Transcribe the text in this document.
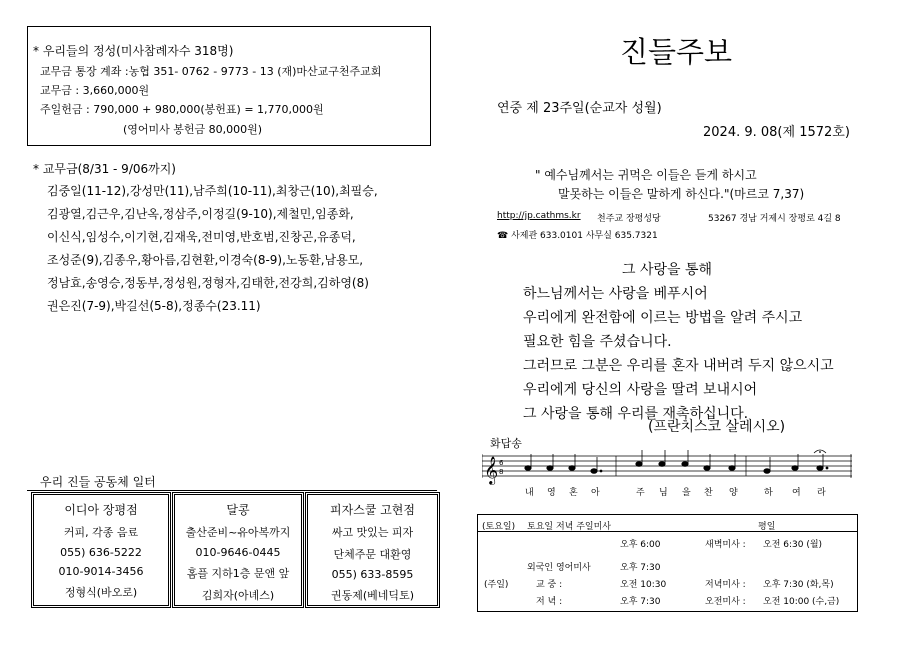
* 우리들의 정성(미사참례자수 318명)
교무금 통장 계좌 :농협 351- 0762 - 9773 - 13 (재)마산교구천주교회
교무금 : 3,660,000원
주일헌금 : 790,000 + 980,000(봉헌표) = 1,770,000원
(영어미사 봉헌금 80,000원)
* 교무금(8/31 - 9/06까지)
김중일(11-12),강성만(11),남주희(10-11),최창근(10),최필승,
김광열,김근우,김난옥,정삼주,이정길(9-10),제철민,임종화,
이신식,임성수,이기현,김재욱,전미영,반호범,진창곤,유종덕,
조성준(9),김종우,황아름,김현환,이경숙(8-9),노동환,남용모,
정남효,송영승,정동부,정성원,정형자,김태한,전강희,김하영(8)
권은진(7-9),박길선(5-8),정종수(23.11)
우리 진들 공동체 일터
이디아 장평점
커피, 각종 음료
055) 636-5222
010-9014-3456
정형식(바오로)
달콩
출산준비~유아복까지
010-9646-0445
홈플 지하1층 문앤 앞
김희자(아녜스)
피자스쿨 고현점
싸고 맛있는 피자
단체주문 대환영
055) 633-8595
권동제(베네딕토)
진들주보
연중 제 23주일(순교자 성월)
2024. 9. 08(제 1572호)
" 예수님께서는 귀먹은 이들은 듣게 하시고
말못하는 이들은 말하게 하신다."(마르코 7,37)
http://jp.cathms.kr 천주교 장평성당	53267 경남 거제시 장평로 4길 8
☎ 사제관 633.0101 사무실 635.7321
그 사랑을 통해
하느님께서는 사랑을 베푸시어
우리에게 완전함에 이르는 방법을 알려 주시고
필요한 힘을 주셨습니다.
그러므로 그분은 우리를 혼자 내버려 두지 않으시고
우리에게 당신의 사랑을 딸려 보내시어
그 사랑을 통해 우리를 재촉하십니다.
(프란치스코 살레시오)
화답송
𝄞 6
8
내 영 혼 아	주 님 을 찬 양	하 여 라
(토요일) 토요일 저녁 주일미사	평일
오후 6:00	새벽미사 : 오전 6:30 (월)
외국인 영어미사	오후 7:30
(주일)	교 중 :	오전 10:30	저녁미사 : 오후 7:30 (화,목)
저 녁 :	오후 7:30	오전미사 : 오전 10:00 (수,금)
